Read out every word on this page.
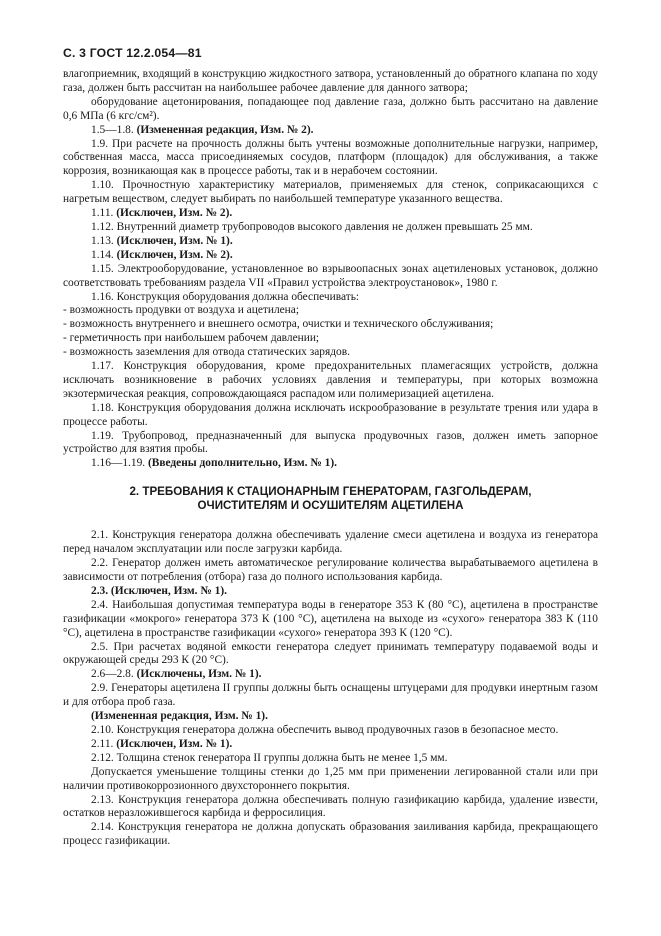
С. 3 ГОСТ 12.2.054—81

влагоприемник, входящий в конструкцию жидкостного затвора, установленный до обратного клапана по ходу газа, должен быть рассчитан на наибольшее рабочее давление для данного затвора;

оборудование ацетонирования, попадающее под давление газа, должно быть рассчитано на давление 0,6 МПа (6 кгс/см²).

1.5—1.8. (Измененная редакция, Изм. № 2).

1.9. При расчете на прочность должны быть учтены возможные дополнительные нагрузки, например, собственная масса, масса присоединяемых сосудов, платформ (площадок) для обслуживания, а также коррозия, возникающая как в процессе работы, так и в нерабочем состоянии.

1.10. Прочностную характеристику материалов, применяемых для стенок, соприкасающихся с нагретым веществом, следует выбирать по наибольшей температуре указанного вещества.

1.11. (Исключен, Изм. № 2).

1.12. Внутренний диаметр трубопроводов высокого давления не должен превышать 25 мм.

1.13. (Исключен, Изм. № 1).

1.14. (Исключен, Изм. № 2).

1.15. Электрооборудование, установленное во взрывоопасных зонах ацетиленовых установок, должно соответствовать требованиям раздела VII «Правил устройства электроустановок», 1980 г.

1.16. Конструкция оборудования должна обеспечивать:

- возможность продувки от воздуха и ацетилена;

- возможность внутреннего и внешнего осмотра, очистки и технического обслуживания;

- герметичность при наибольшем рабочем давлении;

- возможность заземления для отвода статических зарядов.

1.17. Конструкция оборудования, кроме предохранительных пламегасящих устройств, должна исключать возникновение в рабочих условиях давления и температуры, при которых возможна экзотермическая реакция, сопровождающаяся распадом или полимеризацией ацетилена.

1.18. Конструкция оборудования должна исключать искрообразование в результате трения или удара в процессе работы.

1.19. Трубопровод, предназначенный для выпуска продувочных газов, должен иметь запорное устройство для взятия пробы.

1.16—1.19. (Введены дополнительно, Изм. № 1).

2. ТРЕБОВАНИЯ К СТАЦИОНАРНЫМ ГЕНЕРАТОРАМ, ГАЗГОЛЬДЕРАМ,
ОЧИСТИТЕЛЯМ И ОСУШИТЕЛЯМ АЦЕТИЛЕНА

2.1. Конструкция генератора должна обеспечивать удаление смеси ацетилена и воздуха из генератора перед началом эксплуатации или после загрузки карбида.

2.2. Генератор должен иметь автоматическое регулирование количества вырабатываемого ацетилена в зависимости от потребления (отбора) газа до полного использования карбида.

2.3. (Исключен, Изм. № 1).

2.4. Наибольшая допустимая температура воды в генераторе 353 К (80 °С), ацетилена в пространстве газификации «мокрого» генератора 373 К (100 °С), ацетилена на выходе из «сухого» генератора 383 К (110 °С), ацетилена в пространстве газификации «сухого» генератора 393 К (120 °С).

2.5. При расчетах водяной емкости генератора следует принимать температуру подаваемой воды и окружающей среды 293 К (20 °С).

2.6—2.8. (Исключены, Изм. № 1).

2.9. Генераторы ацетилена II группы должны быть оснащены штуцерами для продувки инертным газом и для отбора проб газа.

(Измененная редакция, Изм. № 1).

2.10. Конструкция генератора должна обеспечить вывод продувочных газов в безопасное место.

2.11. (Исключен, Изм. № 1).

2.12. Толщина стенок генератора II группы должна быть не менее 1,5 мм.

Допускается уменьшение толщины стенки до 1,25 мм при применении легированной стали или при наличии противокоррозионного двухстороннего покрытия.

2.13. Конструкция генератора должна обеспечивать полную газификацию карбида, удаление извести, остатков неразложившегося карбида и ферросилиция.

2.14. Конструкция генератора не должна допускать образования заиливания карбида, прекращающего процесс газификации.
